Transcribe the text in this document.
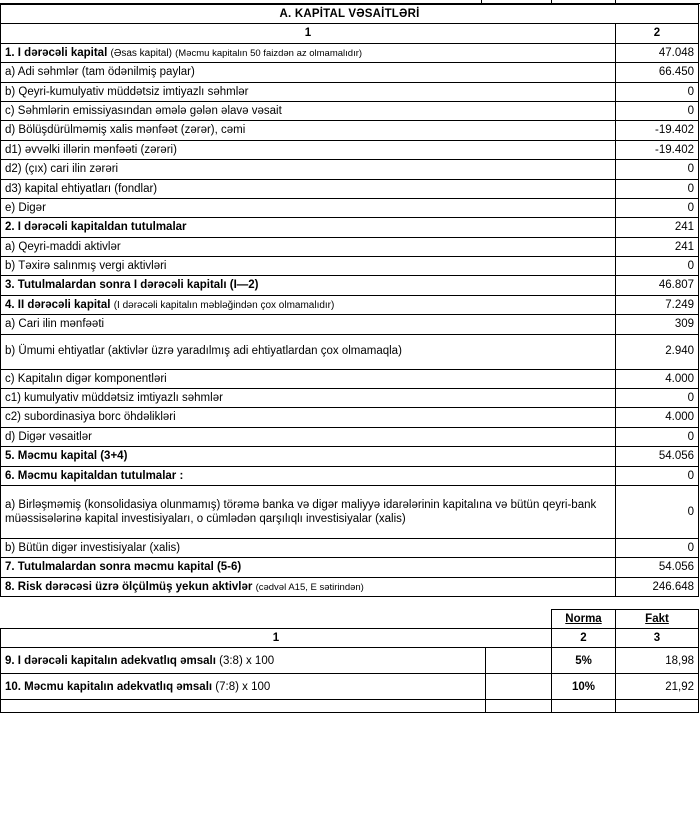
A. KAPİTAL VƏSAİTLƏRİ	
1	2
1. I dərəcəli kapital (Əsas kapital) (Məcmu kapitalın 50 faizdən az olmamalıdır)	47.048
a) Adi səhmlər (tam ödənilmiş paylar)	66.450
b) Qeyri-kumulyativ müddətsiz imtiyazlı səhmlər	0
c) Səhmlərin emissiyasından əmələ gələn əlavə vəsait	0
d) Bölüşdürülməmiş xalis mənfəət (zərər), cəmi	-19.402
d1) əvvəlki illərin mənfəəti (zərəri)	-19.402
d2) (çıx) cari ilin zərəri	0
d3) kapital ehtiyatları (fondlar)	0
e) Digər	0
2. I dərəcəli kapitaldan tutulmalar	241
a) Qeyri-maddi aktivlər	241
b) Təxirə salınmış vergi aktivləri	0
3. Tutulmalardan sonra I dərəcəli kapitalı (I—2)	46.807
4. II dərəcəli kapital (I dərəcəli kapitalın məbləğindən çox olmamalıdır)	7.249
a) Cari ilin mənfəəti	309
b) Ümumi ehtiyatlar (aktivlər üzrə yaradılmış adi ehtiyatlardan çox olmamaqla)	2.940
c) Kapitalın digər komponentləri	4.000
c1) kumulyativ müddətsiz imtiyazlı səhmlər	0
c2) subordinasiya borc öhdəlikləri	4.000
d) Digər vəsaitlər	0
5. Məcmu kapital (3+4)	54.056
6. Məcmu kapitaldan tutulmalar :	0
a) Birləşməmiş (konsolidasiya olunmamış) törəmə banka və digər maliyyə idarələrinin kapitalına və bütün qeyri-bank müəssisələrinə kapital investisiyaları, o cümlədən qarşılıqlı investisiyalar (xalis)	0
b) Bütün digər investisiyalar (xalis)	0
7. Tutulmalardan sonra məcmu kapital (5-6)	54.056
8. Risk dərəcəsi üzrə ölçülmüş yekun aktivlər (cədvəl A15, E sətirindən)	246.648
		Norma	Fakt
1		2	3
9. I dərəcəli kapitalın adekvatlıq əmsalı (3:8) x 100		5%	18,98
10. Məcmu kapitalın adekvatlıq əmsalı (7:8) x 100		10%	21,92
